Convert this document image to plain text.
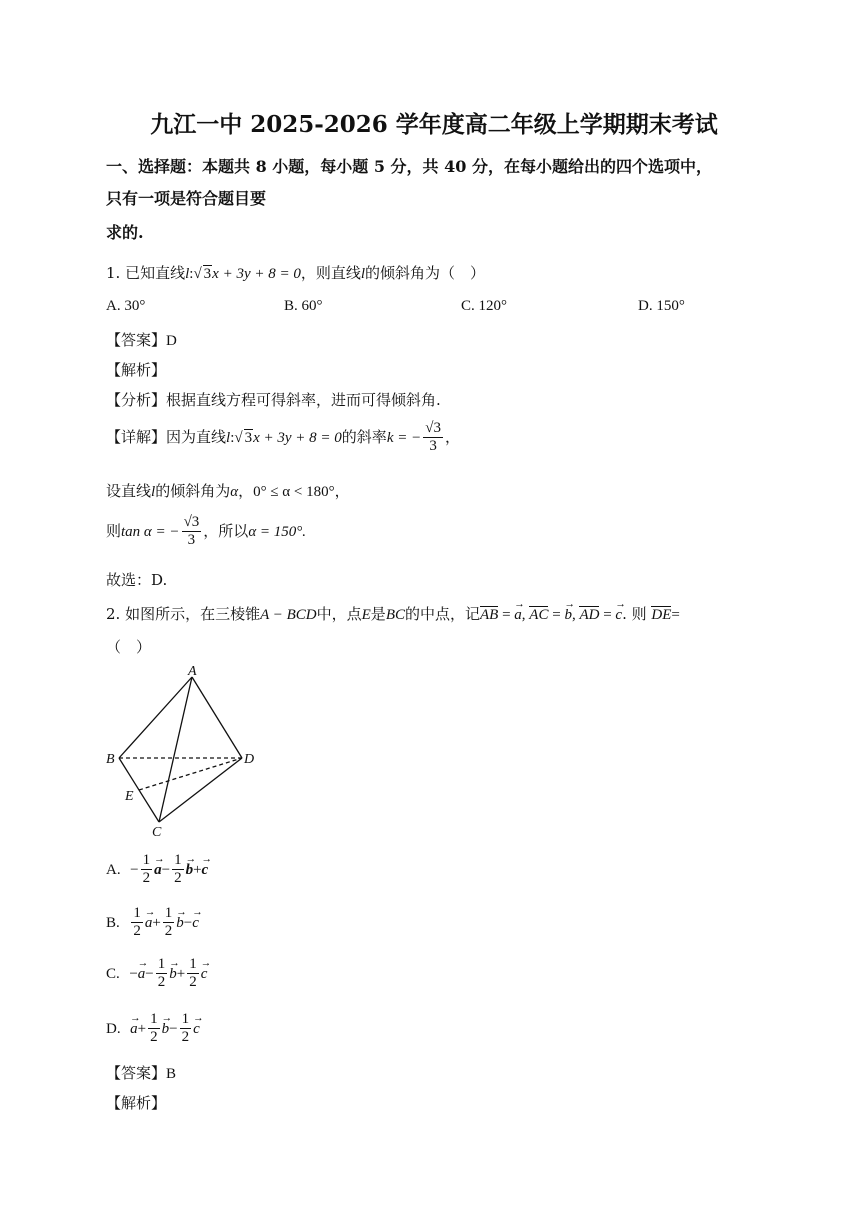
九江一中 2025-2026 学年度高二年级上学期期末考试
一、选择题：本题共 8 小题，每小题 5 分，共 40 分，在每小题给出的四个选项中，
只有一项是符合题目要
求的.
1. 已知直线l:√ 3x + 3y + 8 = 0，则直线l的倾斜角为（　）
A. 30°	B. 60°	C. 120°	D. 150°
【答案】D
【解析】
【分析】根据直线方程可得斜率，进而可得倾斜角.
【详解】因为直线l:√ 3x + 3y + 8 = 0的斜率k = − $\frac{√3}{3}$ ，
设直线l的倾斜角为α，0° ≤ α < 180°，
则tan α = − $\frac{√3}{3}$ ，所以α = 150°.
故选：D.
2. 如图所示，在三棱锥A − BCD中，点E是BC的中点，记AB = → a, AC = → b, AD = → c. 则 DE=
（　）
A
B	D
E
C
A. − $\frac{1}{2}$
→ $a- \frac{1}{2}$
→ b+→ c
B. $\frac{1}{2}$
→ $a+ \frac{1}{2}$
→ b−→ c
C. −→ $a- \frac{1}{2}$
→ $b+ \frac{1}{2}$
→ c
D.  → $a+ \frac{1}{2}$
→ $b- \frac{1}{2}$
→ c
【答案】B
【解析】
